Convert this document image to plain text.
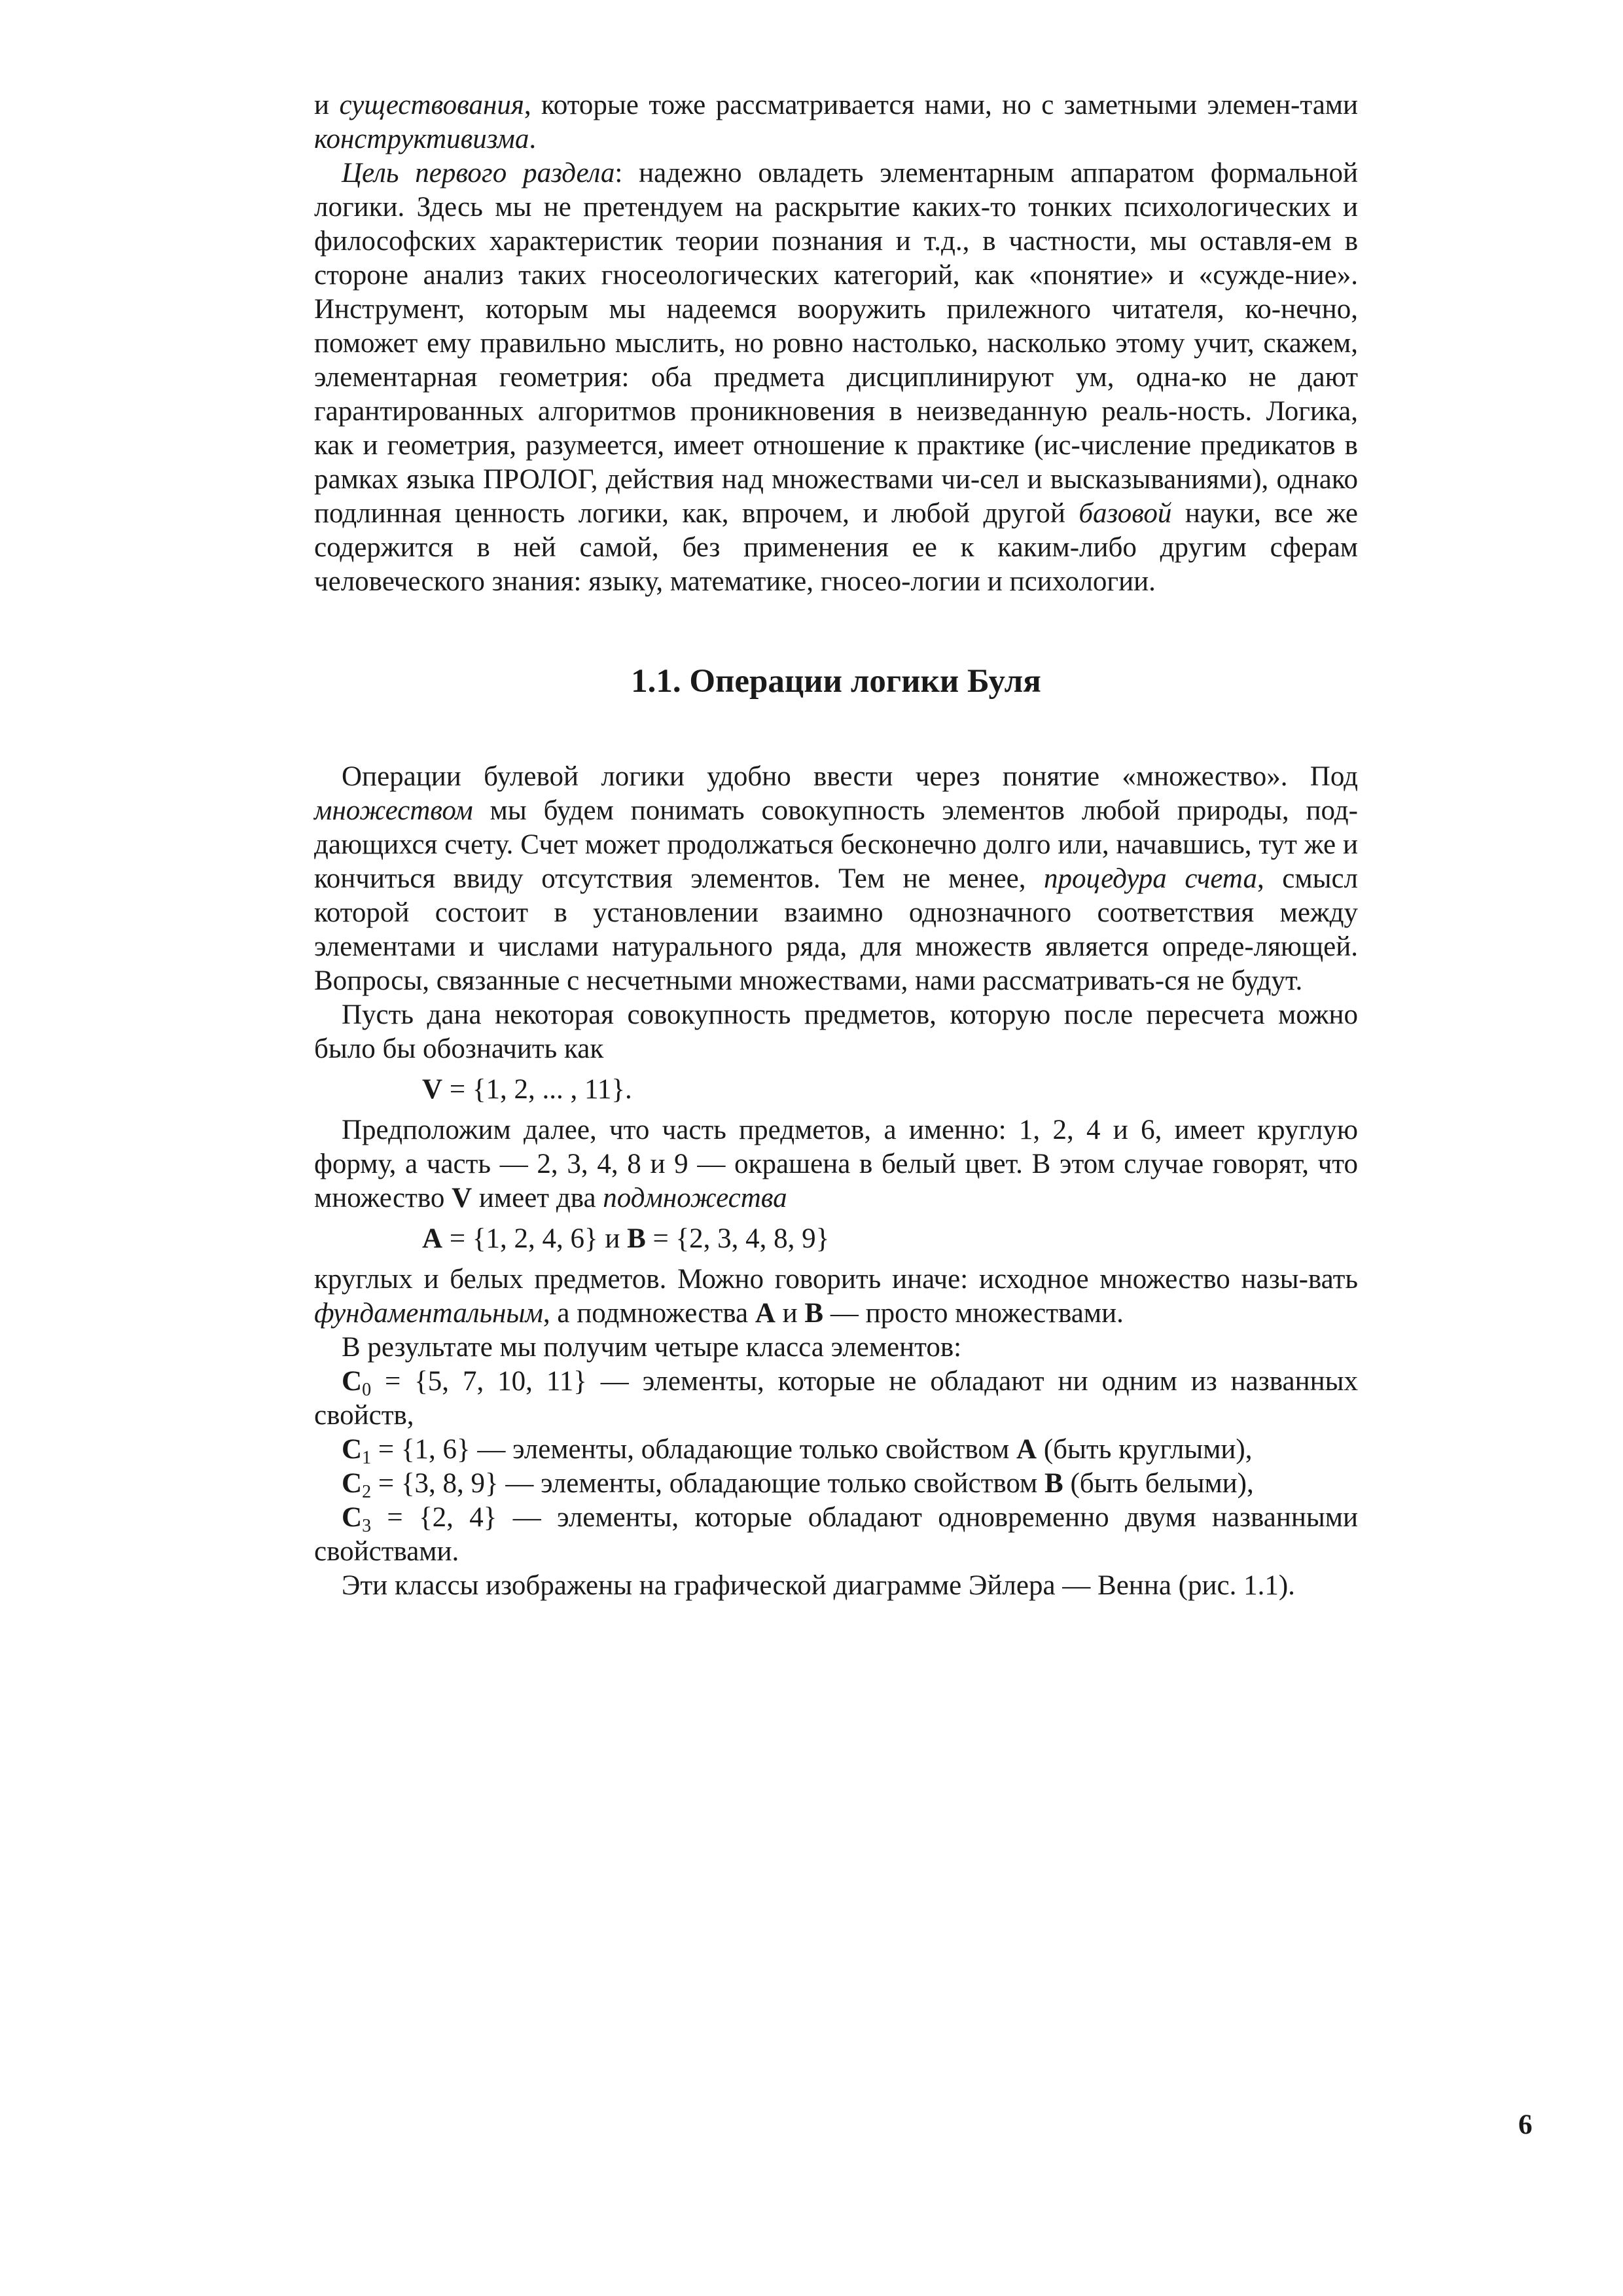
и существования, которые тоже рассматривается нами, но с заметными элемен-тами конструктивизма.

Цель первого раздела: надежно овладеть элементарным аппаратом формальной логики. Здесь мы не претендуем на раскрытие каких-то тонких психологических и философских характеристик теории познания и т.д., в частности, мы оставля-ем в стороне анализ таких гносеологических категорий, как «понятие» и «сужде-ние». Инструмент, которым мы надеемся вооружить прилежного читателя, ко-нечно, поможет ему правильно мыслить, но ровно настолько, насколько этому учит, скажем, элементарная геометрия: оба предмета дисциплинируют ум, одна-ко не дают гарантированных алгоритмов проникновения в неизведанную реаль-ность. Логика, как и геометрия, разумеется, имеет отношение к практике (ис-числение предикатов в рамках языка ПРОЛОГ, действия над множествами чи-сел и высказываниями), однако подлинная ценность логики, как, впрочем, и любой другой базовой науки, все же содержится в ней самой, без применения ее к каким-либо другим сферам человеческого знания: языку, математике, гносео-логии и психологии.

1.1. Операции логики Буля

Операции булевой логики удобно ввести через понятие «множество». Под множеством мы будем понимать совокупность элементов любой природы, под-дающихся счету. Счет может продолжаться бесконечно долго или, начавшись, тут же и кончиться ввиду отсутствия элементов. Тем не менее, процедура счета, смысл которой состоит в установлении взаимно однозначного соответствия между элементами и числами натурального ряда, для множеств является опреде-ляющей. Вопросы, связанные с несчетными множествами, нами рассматривать-ся не будут.

Пусть дана некоторая совокупность предметов, которую после пересчета можно было бы обозначить как

V = {1, 2, ... , 11}.

Предположим далее, что часть предметов, а именно: 1, 2, 4 и 6, имеет круглую форму, а часть — 2, 3, 4, 8 и 9 — окрашена в белый цвет. В этом случае говорят, что множество V имеет два подмножества

A = {1, 2, 4, 6} и B = {2, 3, 4, 8, 9}

круглых и белых предметов. Можно говорить иначе: исходное множество назы-вать фундаментальным, а подмножества A и B — просто множествами.

В результате мы получим четыре класса элементов:

$C_0 = \{5$, 7, 10, 11} — элементы, которые не обладают ни одним из названных свойств,

$C_1 = \{1$, 6} — элементы, обладающие только свойством A (быть круглыми),

$C_2 = \{3$, 8, 9} — элементы, обладающие только свойством B (быть белыми),

$C_3 = \{2$, 4} — элементы, которые обладают одновременно двумя названными свойствами.

Эти классы изображены на графической диаграмме Эйлера — Венна (рис. 1.1).

6
